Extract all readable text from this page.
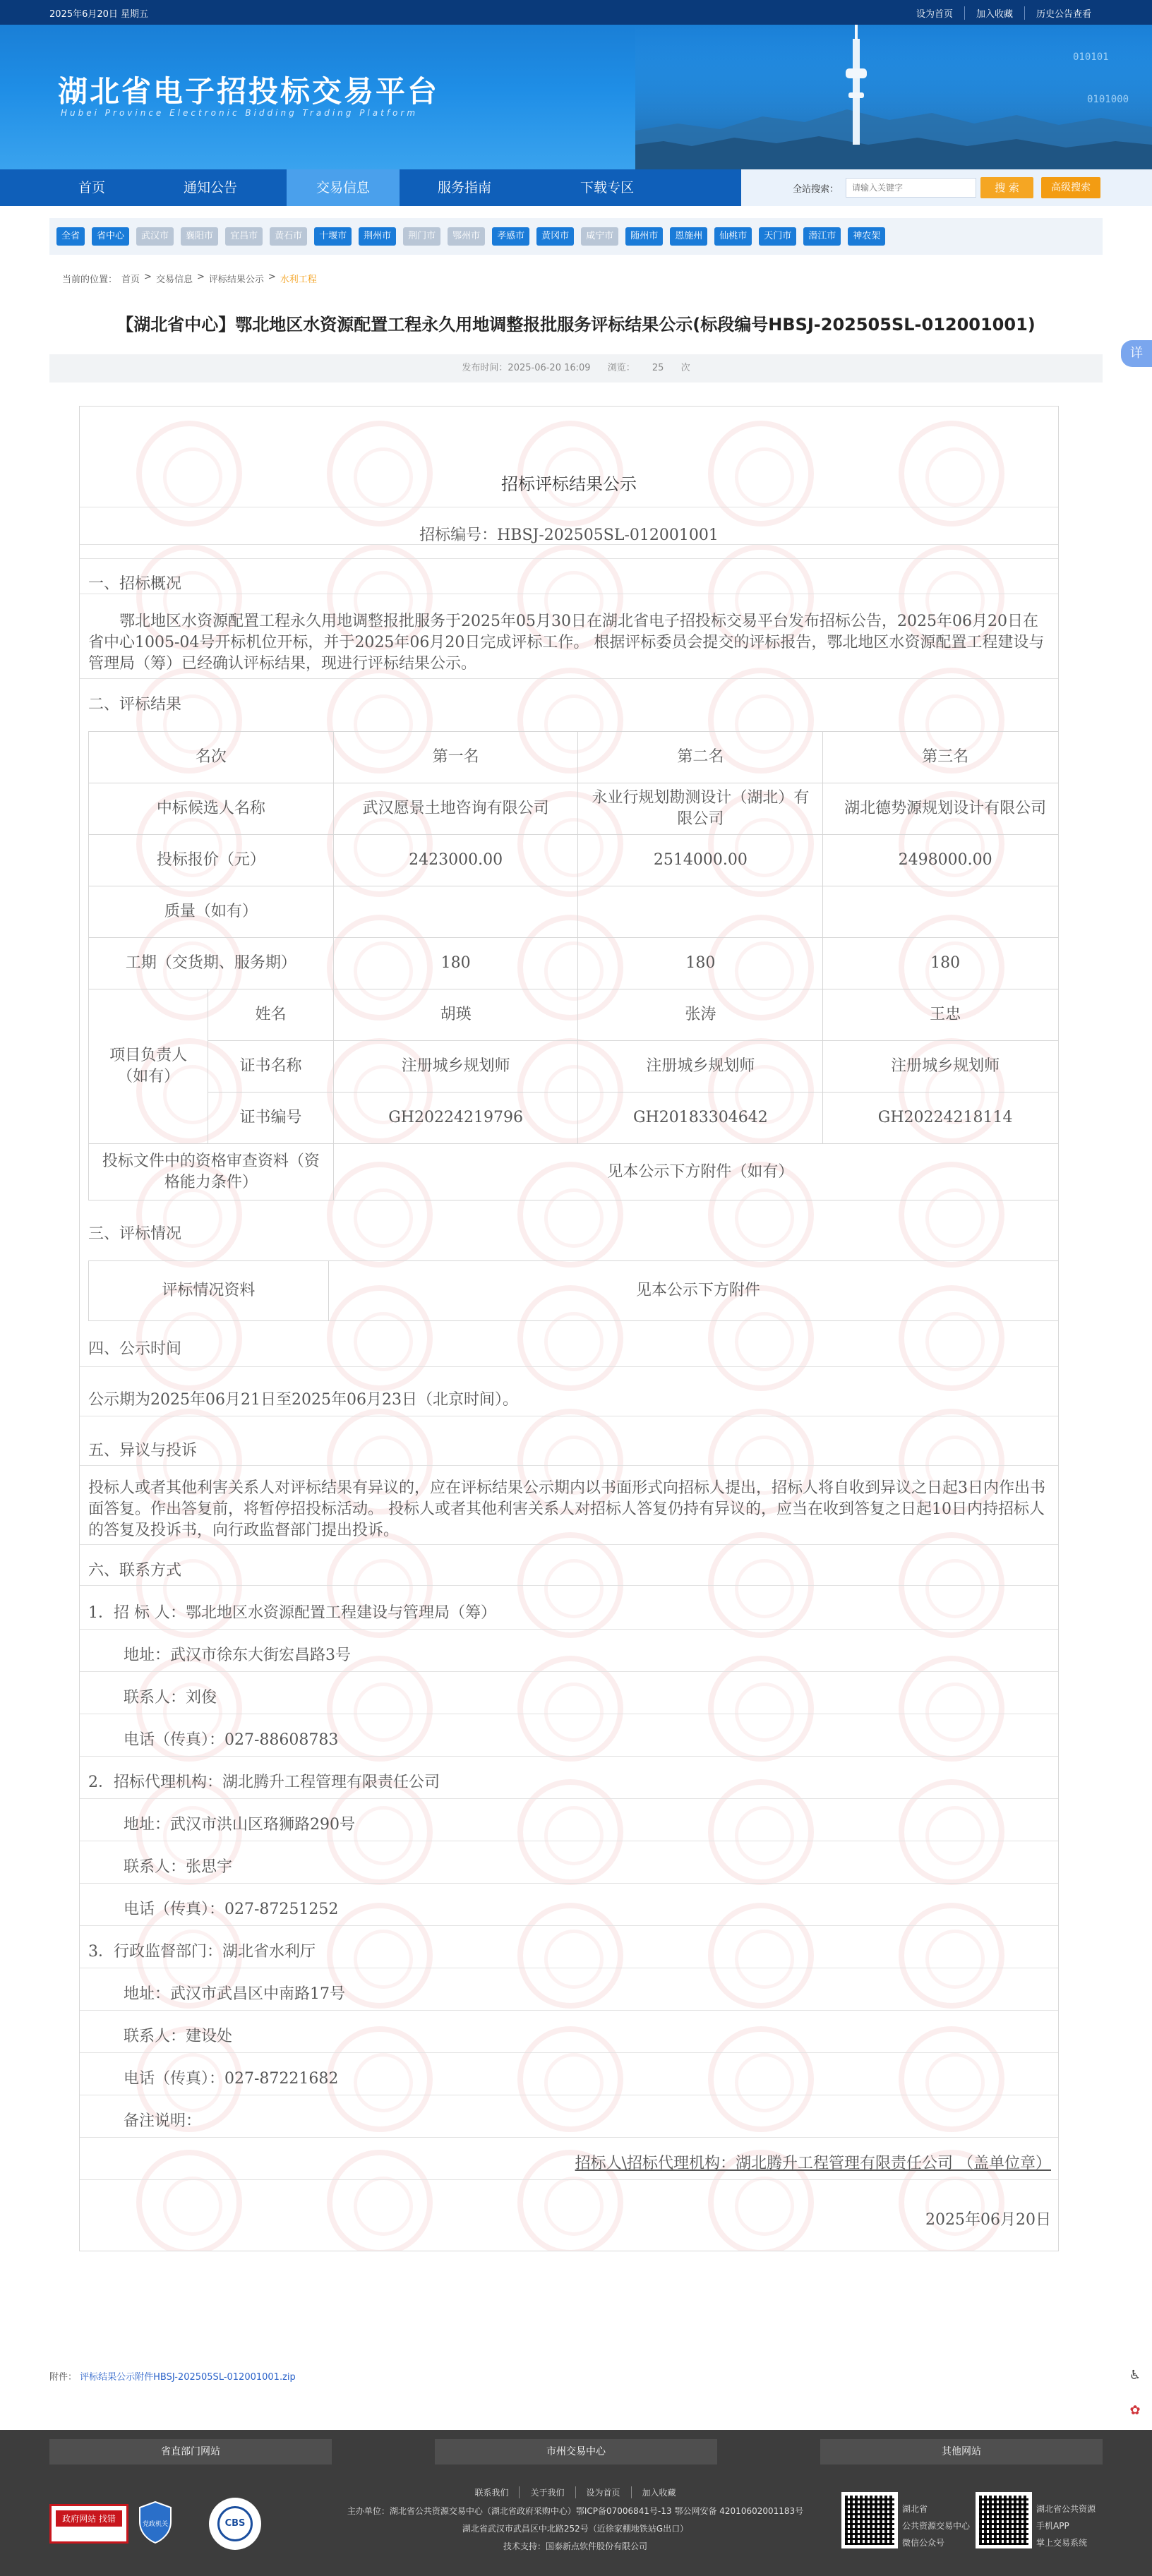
2025年6月20日 星期五	设为首页	加入收藏	历史公告查看
湖北省电子招投标交易平台
Hubei Province Electronic Bidding Trading Platform
010101
0101000
首页	通知公告	交易信息	服务指南	下载专区	全站搜索：
请输入关键字	搜 索	高级搜索
全省	省中心	武汉市	襄阳市	宜昌市	黄石市	十堰市	荆州市	荆门市	鄂州市	孝感市	黄冈市	咸宁市	随州市	恩施州	仙桃市	天门市	潜江市	神农架
当前的位置： 首页 > 交易信息 > 评标结果公示 > 水利工程
【湖北省中心】鄂北地区水资源配置工程永久用地调整报批服务评标结果公示(标段编号HBSJ-202505SL-012001001)
发布时间：2025-06-20 16:09 浏览： 25 次
详
招标评标结果公示
招标编号：HBSJ-202505SL-012001001
一、招标概况
鄂北地区水资源配置工程永久用地调整报批服务于2025年05月30日在湖北省电子招投标交易平台发布招标公告，2025年06月20日在省中心1005-04号开标机位开标，并于2025年06月20日完成评标工作。 根据评标委员会提交的评标报告，鄂北地区水资源配置工程建设与管理局（筹）已经确认评标结果，现进行评标结果公示。
二、评标结果
名次		第一名	第二名	第三名
中标候选人名称		武汉愿景土地咨询有限公司	永业行规划勘测设计（湖北）有限公司	湖北德势源规划设计有限公司
投标报价（元）		2423000.00	2514000.00	2498000.00
质量（如有）				
工期（交货期、服务期）		180	180	180
项目负责人（如有）	姓名	胡瑛	张涛	王忠
	证书名称	注册城乡规划师	注册城乡规划师	注册城乡规划师
	证书编号	GH20224219796	GH20183304642	GH20224218114
投标文件中的资格审查资料（资格能力条件）		见本公示下方附件（如有）		
三、评标情况
评标情况资料	见本公示下方附件
四、公示时间
公示期为2025年06月21日至2025年06月23日（北京时间）。
五、异议与投诉
投标人或者其他利害关系人对评标结果有异议的，应在评标结果公示期内以书面形式向招标人提出，招标人将自收到异议之日起3日内作出书面答复。作出答复前，将暂停招投标活动。 投标人或者其他利害关系人对招标人答复仍持有异议的，应当在收到答复之日起10日内持招标人的答复及投诉书，向行政监督部门提出投诉。
六、联系方式
1．招 标 人：鄂北地区水资源配置工程建设与管理局（筹）
地址：武汉市徐东大街宏昌路3号
联系人：刘俊
电话（传真）：027-88608783
2．招标代理机构：湖北腾升工程管理有限责任公司
地址：武汉市洪山区珞狮路290号
联系人：张思宇
电话（传真）：027-87251252
3．行政监督部门：湖北省水利厅
地址：武汉市武昌区中南路17号
联系人：建设处
电话（传真）：027-87221682
备注说明：
招标人\招标代理机构：湖北腾升工程管理有限责任公司 （盖单位章）
2025年06月20日
附件： 评标结果公示附件HBSJ-202505SL-012001001.zip	♿
✿
省直部门网站	市州交易中心	其他网站
联系我们	关于我们	设为首页	加入收藏
主办单位：湖北省公共资源交易中心（湖北省政府采购中心）鄂ICP备07006841号-13 鄂公网安备 42010602001183号
湖北省武汉市武昌区中北路252号（近徐家棚地铁站G出口）
技术支持：国泰新点软件股份有限公司
政府网站 找错
党政机关	CBS
湖北省
公共资源交易中心
微信公众号
湖北省公共资源
手机APP
掌上交易系统
